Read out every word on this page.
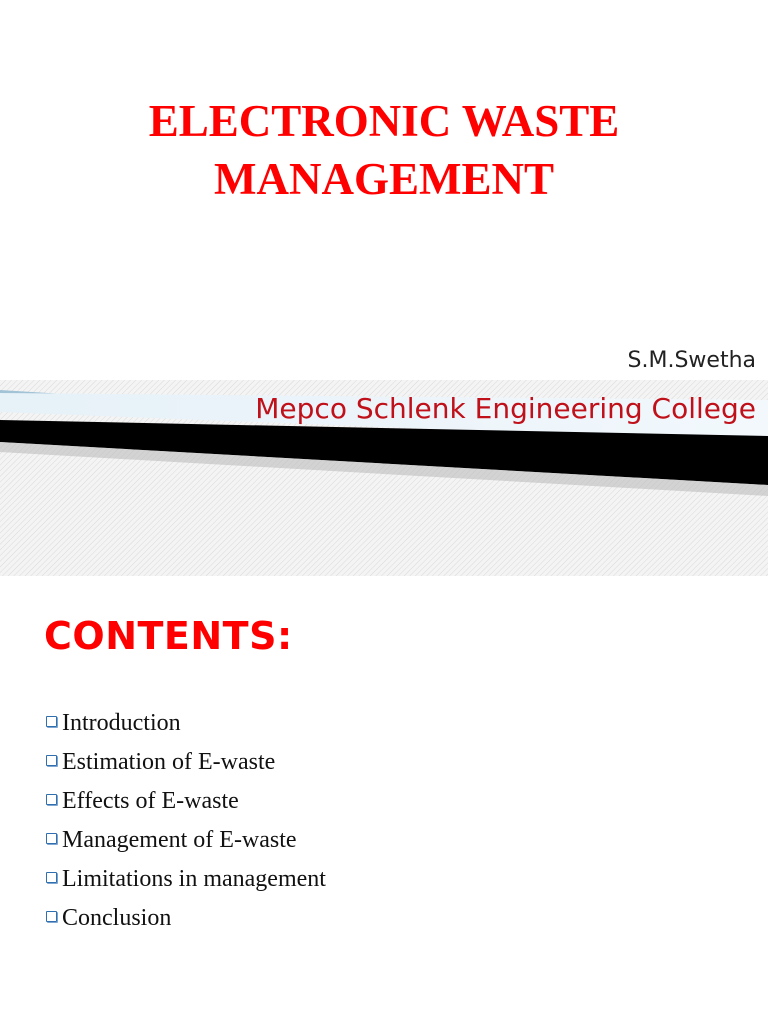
ELECTRONIC WASTE
MANAGEMENT
S.M.Swetha
Mepco Schlenk Engineering College
CONTENTS:
Introduction
Estimation of E-waste
Effects of E-waste
Management of E-waste
Limitations in management
Conclusion
